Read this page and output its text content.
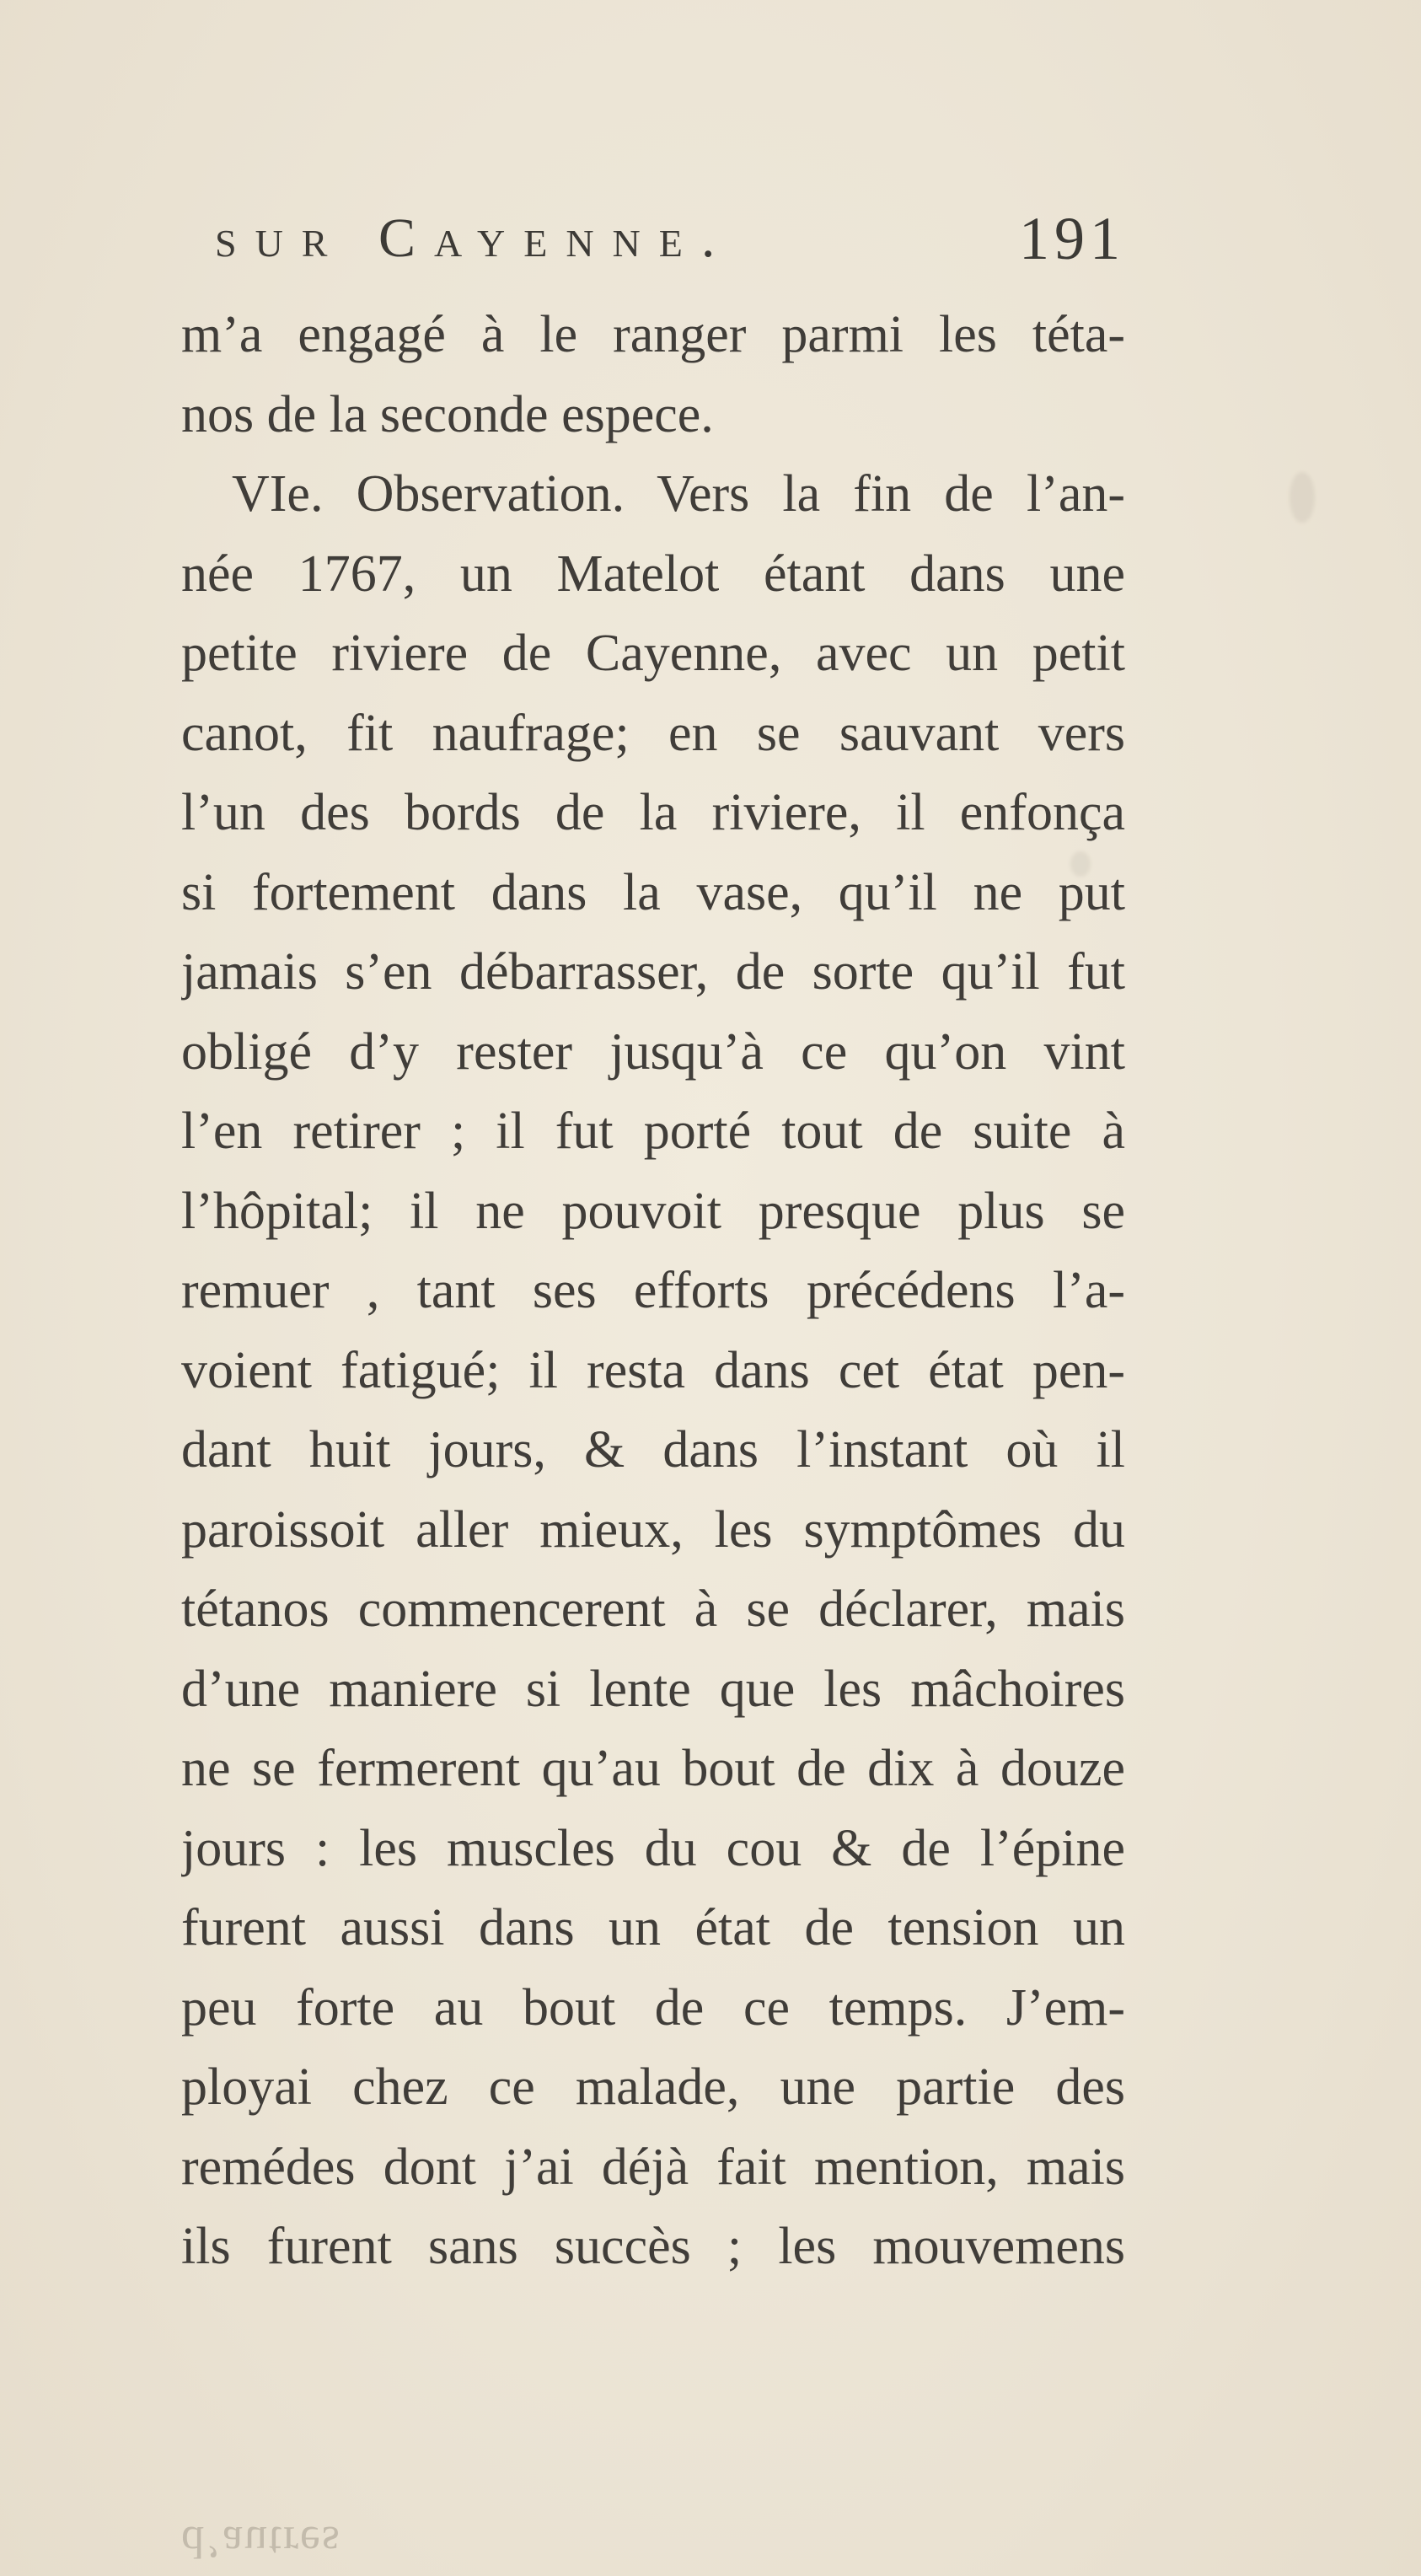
sur Cayenne.	191
m’a engagé à le ranger parmi les téta-
nos de la seconde espece.
VIe. Observation. Vers la fin de l’an-
née 1767, un Matelot étant dans une
petite riviere de Cayenne, avec un petit
canot, fit naufrage; en se sauvant vers
l’un des bords de la riviere, il enfonça
si fortement dans la vase, qu’il ne put
jamais s’en débarrasser, de sorte qu’il fut
obligé d’y rester jusqu’à ce qu’on vint
l’en retirer ; il fut porté tout de suite à
l’hôpital; il ne pouvoit presque plus se
remuer , tant ses efforts précédens l’a-
voient fatigué; il resta dans cet état pen-
dant huit jours, & dans l’instant où il
paroissoit aller mieux, les symptômes du
tétanos commencerent à se déclarer, mais
d’une maniere si lente que les mâchoires
ne se fermerent qu’au bout de dix à douze
jours : les muscles du cou & de l’épine
furent aussi dans un état de tension un
peu forte au bout de ce temps. J’em-
ployai chez ce malade, une partie des
remédes dont j’ai déjà fait mention, mais
ils furent sans succès ; les mouvemens
d’autres
